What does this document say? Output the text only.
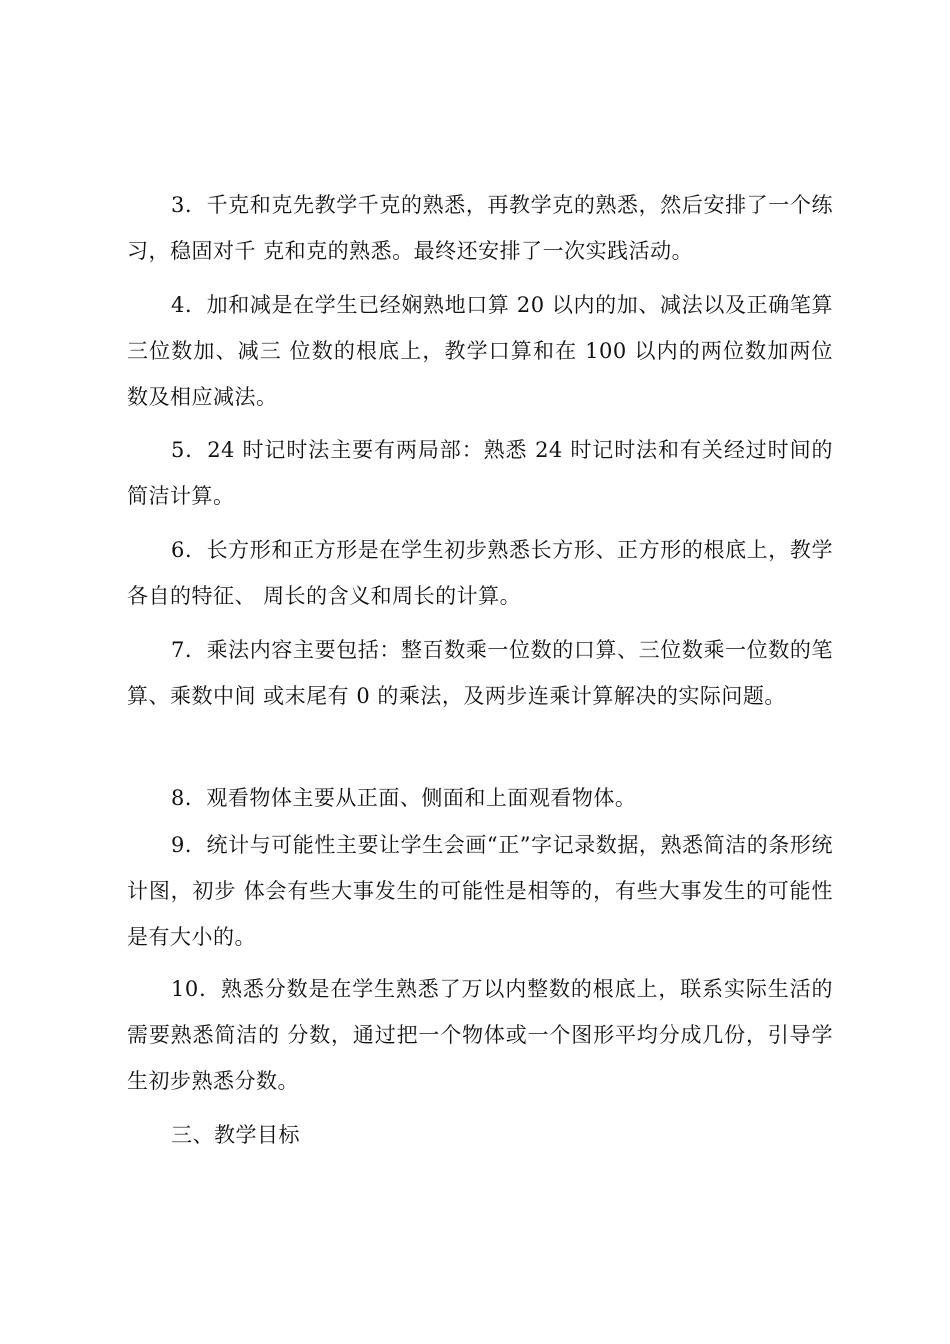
3．千克和克先教学千克的熟悉，再教学克的熟悉，然后安排了一个练习，稳固对千 克和克的熟悉。最终还安排了一次实践活动。

4．加和减是在学生已经娴熟地口算 20 以内的加、减法以及正确笔算三位数加、减三 位数的根底上，教学口算和在 100 以内的两位数加两位数及相应减法。

5．24 时记时法主要有两局部：熟悉 24 时记时法和有关经过时间的简洁计算。

6．长方形和正方形是在学生初步熟悉长方形、正方形的根底上，教学各自的特征、 周长的含义和周长的计算。

7．乘法内容主要包括：整百数乘一位数的口算、三位数乘一位数的笔算、乘数中间 或末尾有 0 的乘法，及两步连乘计算解决的实际问题。

8．观看物体主要从正面、侧面和上面观看物体。

9．统计与可能性主要让学生会画“正”字记录数据，熟悉简洁的条形统计图，初步 体会有些大事发生的可能性是相等的，有些大事发生的可能性是有大小的。

10．熟悉分数是在学生熟悉了万以内整数的根底上，联系实际生活的需要熟悉简洁的 分数，通过把一个物体或一个图形平均分成几份，引导学生初步熟悉分数。

三、教学目标
